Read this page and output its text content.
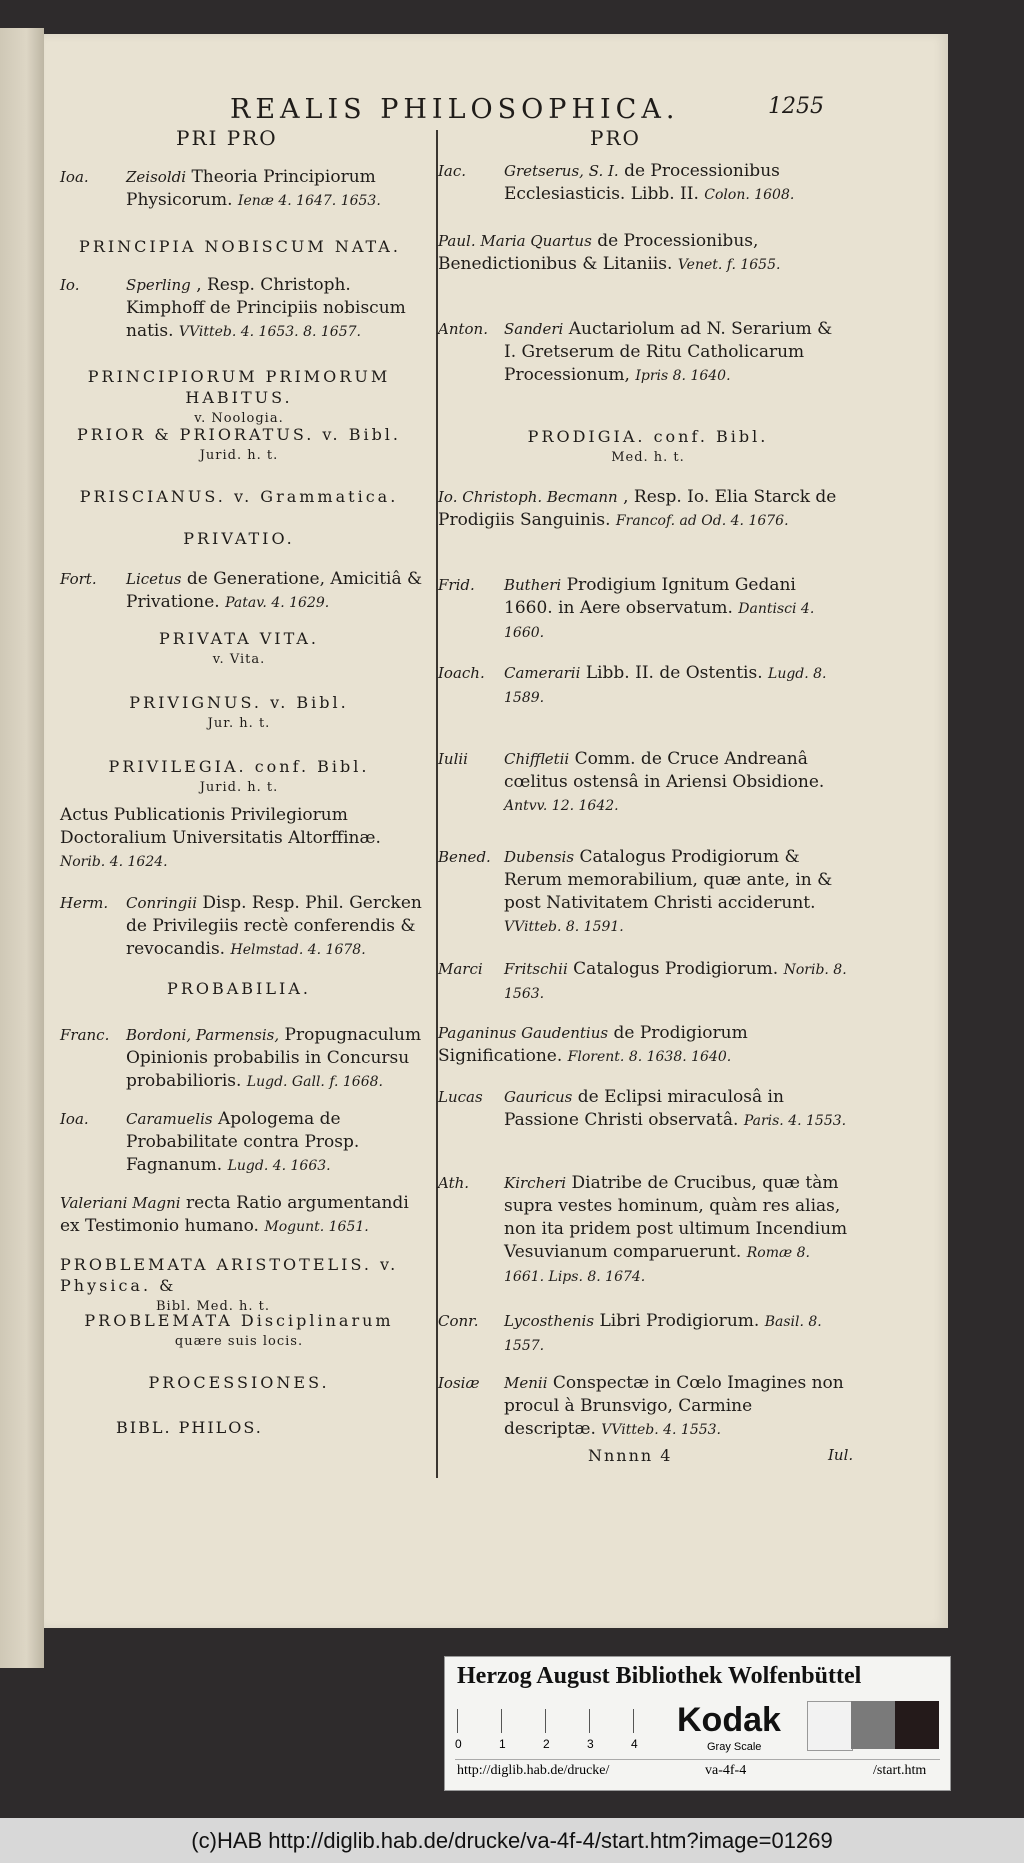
REALIS PHILOSOPHICA.	1255
PRI PRO	PRO
Ioa. Zeisoldi Theoria Principiorum Physicorum. Ienæ 4. 1647. 1653.
PRINCIPIA NOBISCUM NATA.
Io.	Sperling , Resp. Christoph. Kimphoff de Principiis nobiscum natis. VVitteb. 4. 1653. 8. 1657.
PRINCIPIORUM PRIMORUM HABITUS.
v. Noologia.
PRIOR & PRIORATUS. v. Bibl.
Jurid. h. t.
PRISCIANUS. v. Grammatica.
PRIVATIO.
Fort. Licetus de Generatione, Amicitiâ & Privatione. Patav. 4. 1629.
PRIVATA VITA.
v. Vita.
PRIVIGNUS. v. Bibl.
Jur. h. t.
PRIVILEGIA. conf. Bibl.
Jurid. h. t.
Actus Publicationis Privilegiorum Doctoralium Universitatis Altorffinæ. Norib. 4. 1624.
Herm. Conringii Disp. Resp. Phil. Gercken de Privilegiis rectè conferendis & revocandis. Helmstad. 4. 1678.
PROBABILIA.
Franc. Bordoni, Parmensis, Propugnaculum Opinionis probabilis in Concursu probabilioris. Lugd. Gall. f. 1668.
Ioa. Caramuelis Apologema de Probabilitate contra Prosp. Fagnanum. Lugd. 4. 1663.
Valeriani Magni recta Ratio argumentandi ex Testimonio humano. Mogunt. 1651.
PROBLEMATA ARISTOTELIS. v. Physica. &
Bibl. Med. h. t.
PROBLEMATA Disciplinarum
quære suis locis.
PROCESSIONES.
BIBL. PHILOS.
Iac.	Gretserus, S. I. de Processionibus Ecclesiasticis. Libb. II. Colon. 1608.
Paul. Maria Quartus de Processionibus, Benedictionibus & Litaniis. Venet. f. 1655.
Anton. Sanderi Auctariolum ad N. Serarium & I. Gretserum de Ritu Catholicarum Processionum, Ipris 8. 1640.
PRODIGIA. conf. Bibl.
Med. h. t.
Io. Christoph. Becmann , Resp. Io. Elia Starck de Prodigiis Sanguinis. Francof. ad Od. 4. 1676.
Frid. Butheri Prodigium Ignitum Gedani 1660. in Aere observatum. Dantisci 4. 1660.
Ioach. Camerarii Libb. II. de Ostentis. Lugd. 8. 1589.
Iulii Chiffletii Comm. de Cruce Andreanâ cœlitus ostensâ in Ariensi Obsidione. Antvv. 12. 1642.
Bened. Dubensis Catalogus Prodigiorum & Rerum memorabilium, quæ ante, in & post Nativitatem Christi acciderunt. VVitteb. 8. 1591.
Marci Fritschii Catalogus Prodigiorum. Norib. 8. 1563.
Paganinus Gaudentius de Prodigiorum Significatione. Florent. 8. 1638. 1640.
Lucas Gauricus de Eclipsi miraculosâ in Passione Christi observatâ. Paris. 4. 1553.
Ath. Kircheri Diatribe de Crucibus, quæ tàm supra vestes hominum, quàm res alias, non ita pridem post ultimum Incendium Vesuvianum comparuerunt. Romæ 8. 1661. Lips. 8. 1674.
Conr. Lycosthenis Libri Prodigiorum. Basil. 8. 1557.
Iosiæ Menii Conspectæ in Cœlo Imagines non procul à Brunsvigo, Carmine descriptæ. VVitteb. 4. 1553.
Nnnnn 4	Iul.
Herzog August Bibliothek Wolfenbüttel
0	1	2	3	4
Kodak
Gray Scale
http://diglib.hab.de/drucke/	va-4f-4	/start.htm
(c)HAB http://diglib.hab.de/drucke/va-4f-4/start.htm?image=01269
